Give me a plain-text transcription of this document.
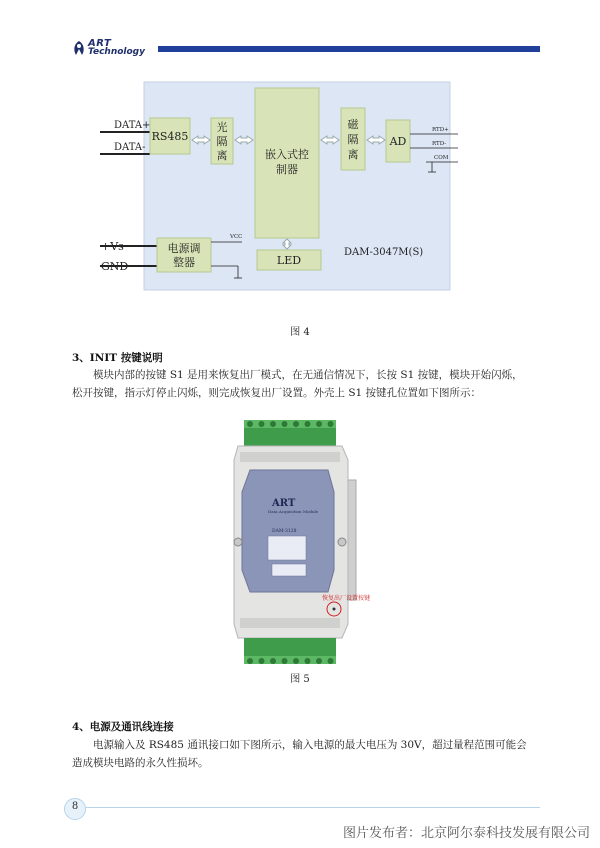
ART
Technology
DATA+
DATA-
RS485
光
隔
离	嵌入式控
制器
磁
隔
离
AD
RTD+
RTD-
COM
LED
+Vs
GND
电源调
整器
VCC
DAM-3047M(S)
图 4
3、INIT 按键说明
模块内部的按键 S1 是用来恢复出厂模式，在无通信情况下，长按 S1 按键，模块开始闪烁，松开按键，指示灯停止闪烁，则完成恢复出厂设置。外壳上 S1 按键孔位置如下图所示：
ART
Data Acquisition Module
DAM-3128
恢复出厂设置按键
图 5
4、电源及通讯线连接
电源输入及 RS485 通讯接口如下图所示，输入电源的最大电压为 30V，超过量程范围可能会造成模块电路的永久性损坏。
8
图片发布者：北京阿尔泰科技发展有限公司
